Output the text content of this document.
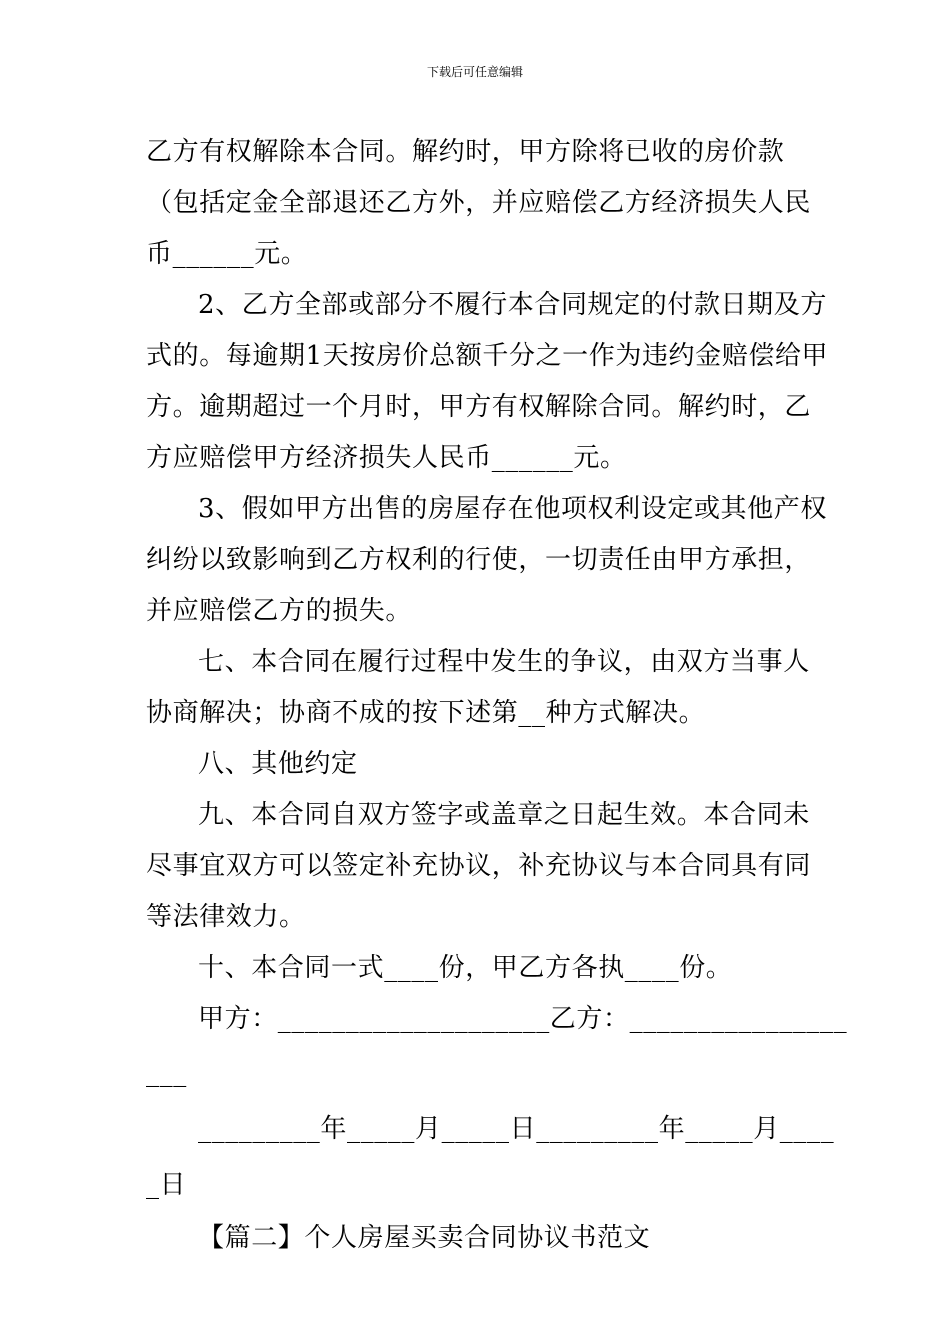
下载后可任意编辑
乙方有权解除本合同。解约时，甲方除将已收的房价款
（包括定金全部退还乙方外，并应赔偿乙方经济损失人民
币______元。
2、乙方全部或部分不履行本合同规定的付款日期及方
式的。每逾期1天按房价总额千分之一作为违约金赔偿给甲
方。逾期超过一个月时，甲方有权解除合同。解约时，乙
方应赔偿甲方经济损失人民币______元。
3、假如甲方出售的房屋存在他项权利设定或其他产权
纠纷以致影响到乙方权利的行使，一切责任由甲方承担，
并应赔偿乙方的损失。
七、本合同在履行过程中发生的争议，由双方当事人
协商解决；协商不成的按下述第__种方式解决。
八、其他约定
九、本合同自双方签字或盖章之日起生效。本合同未
尽事宜双方可以签定补充协议，补充协议与本合同具有同
等法律效力。
十、本合同一式____份，甲乙方各执____份。
甲方：____________________乙方：________________
___
_________年_____月_____日_________年_____月____
_日
【篇二】个人房屋买卖合同协议书范文
